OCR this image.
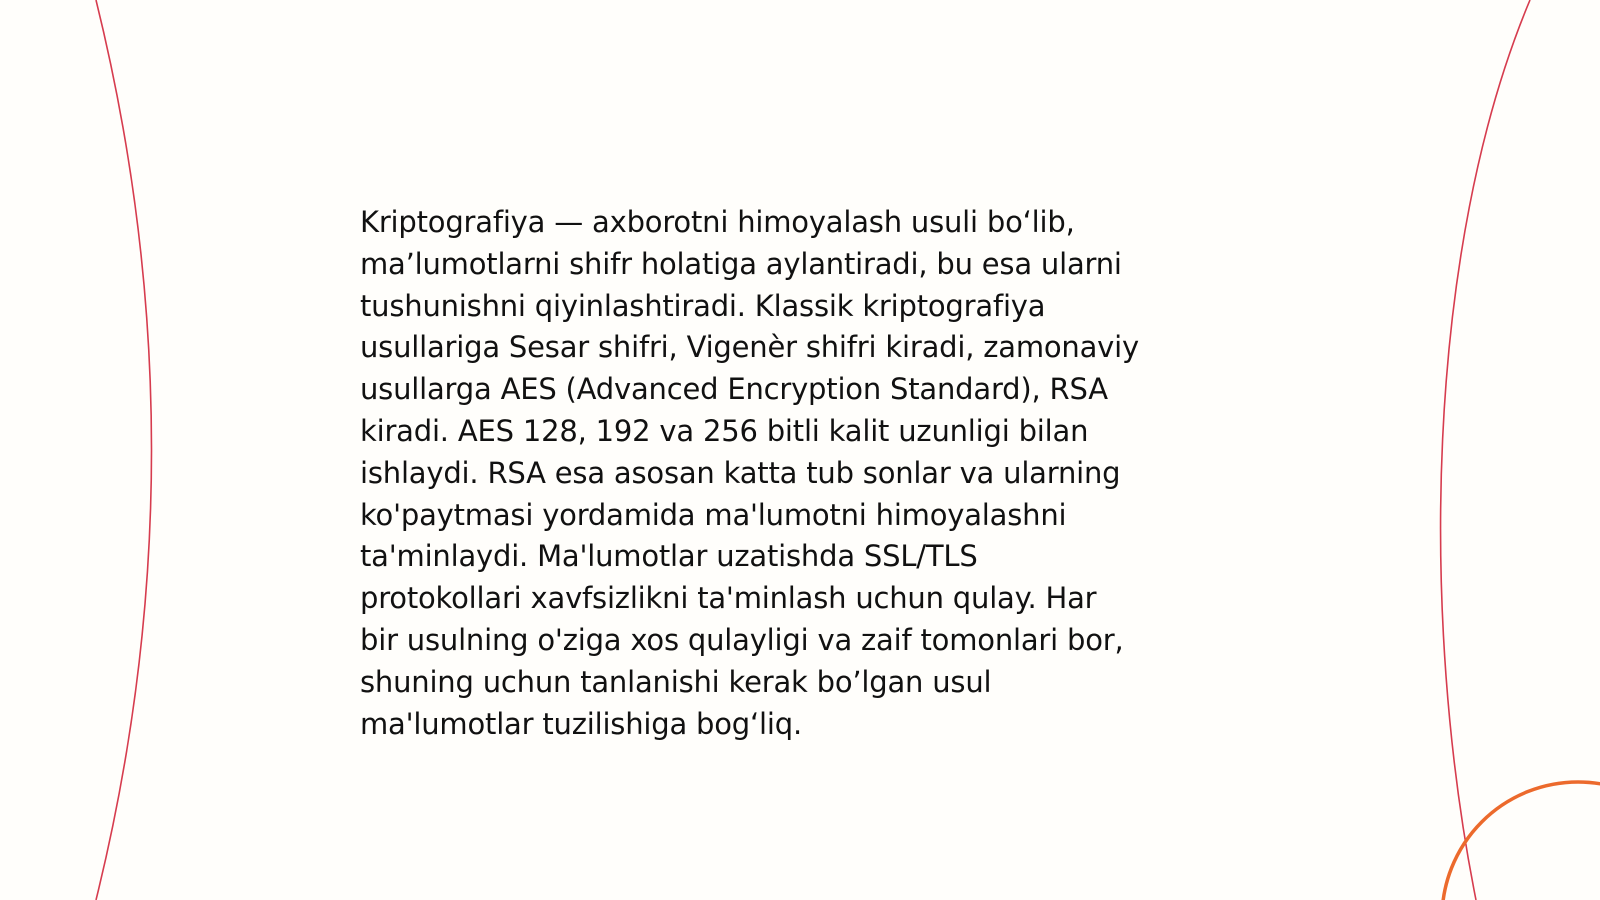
Kriptografiya — axborotni himoyalash usuli bo‘lib,
ma’lumotlarni shifr holatiga aylantiradi, bu esa ularni
tushunishni qiyinlashtiradi. Klassik kriptografiya
usullariga Sesar shifri, Vigenèr shifri kiradi, zamonaviy
usullarga AES (Advanced Encryption Standard), RSA
kiradi. AES 128, 192 va 256 bitli kalit uzunligi bilan
ishlaydi. RSA esa asosan katta tub sonlar va ularning
ko'paytmasi yordamida ma'lumotni himoyalashni
ta'minlaydi. Ma'lumotlar uzatishda SSL/TLS
protokollari xavfsizlikni ta'minlash uchun qulay. Har
bir usulning o'ziga xos qulayligi va zaif tomonlari bor,
shuning uchun tanlanishi kerak bo’lgan usul
ma'lumotlar tuzilishiga bog‘liq.
